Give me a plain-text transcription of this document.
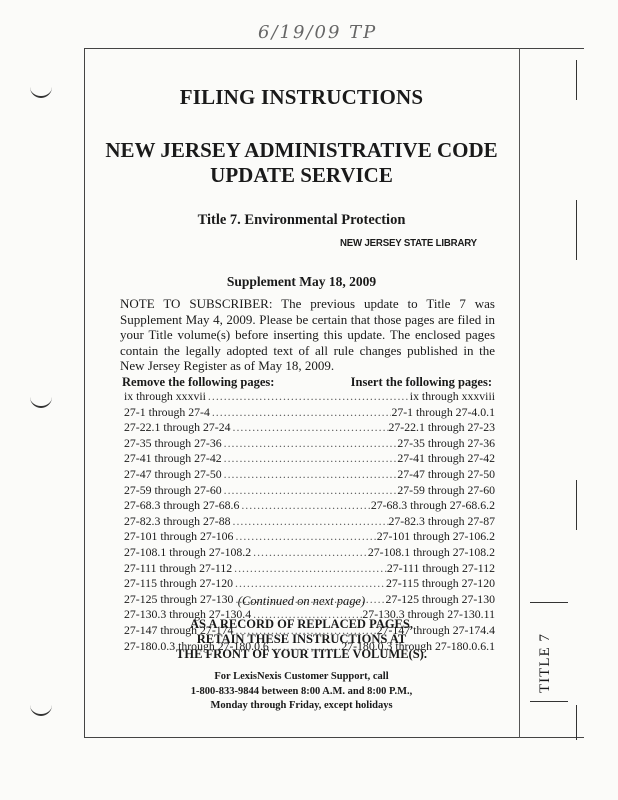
6/19/09 TP
FILING INSTRUCTIONS
NEW JERSEY ADMINISTRATIVE CODE
UPDATE SERVICE
Title 7. Environmental Protection
NEW JERSEY STATE LIBRARY
Supplement May 18, 2009
NOTE TO SUBSCRIBER: The previous update to Title 7 was Supplement May 4, 2009. Please be certain that those pages are filed in your Title volume(s) before inserting this update. The enclosed pages contain the legally adopted text of all rule changes published in the New Jersey Register as of May 18, 2009.
Remove the following pages:	Insert the following pages:
ix through xxxvii .....	ix through xxxviii
27-1 through 27-4 .....	27-1 through 27-4.0.1
27-22.1 through 27-24 .....	27-22.1 through 27-23
27-35 through 27-36 .....	27-35 through 27-36
27-41 through 27-42 .....	27-41 through 27-42
27-47 through 27-50 .....	27-47 through 27-50
27-59 through 27-60 .....	27-59 through 27-60
27-68.3 through 27-68.6 .....	27-68.3 through 27-68.6.2
27-82.3 through 27-88 .....	27-82.3 through 27-87
27-101 through 27-106 .....	27-101 through 27-106.2
27-108.1 through 27-108.2 .....	27-108.1 through 27-108.2
27-111 through 27-112 .....	27-111 through 27-112
27-115 through 27-120 .....	27-115 through 27-120
27-125 through 27-130 .....	27-125 through 27-130
27-130.3 through 27-130.4 .....	27-130.3 through 27-130.11
27-147 through 27-174 .....	27-147 through 27-174.4
27-180.0.3 through 27-180.0.6 .....	27-180.0.3 through 27-180.0.6.1
(Continued on next page)
AS A RECORD OF REPLACED PAGES,
RETAIN THESE INSTRUCTIONS AT
THE FRONT OF YOUR TITLE VOLUME(S).
For LexisNexis Customer Support, call
1-800-833-9844 between 8:00 A.M. and 8:00 P.M.,
Monday through Friday, except holidays
TITLE 7
